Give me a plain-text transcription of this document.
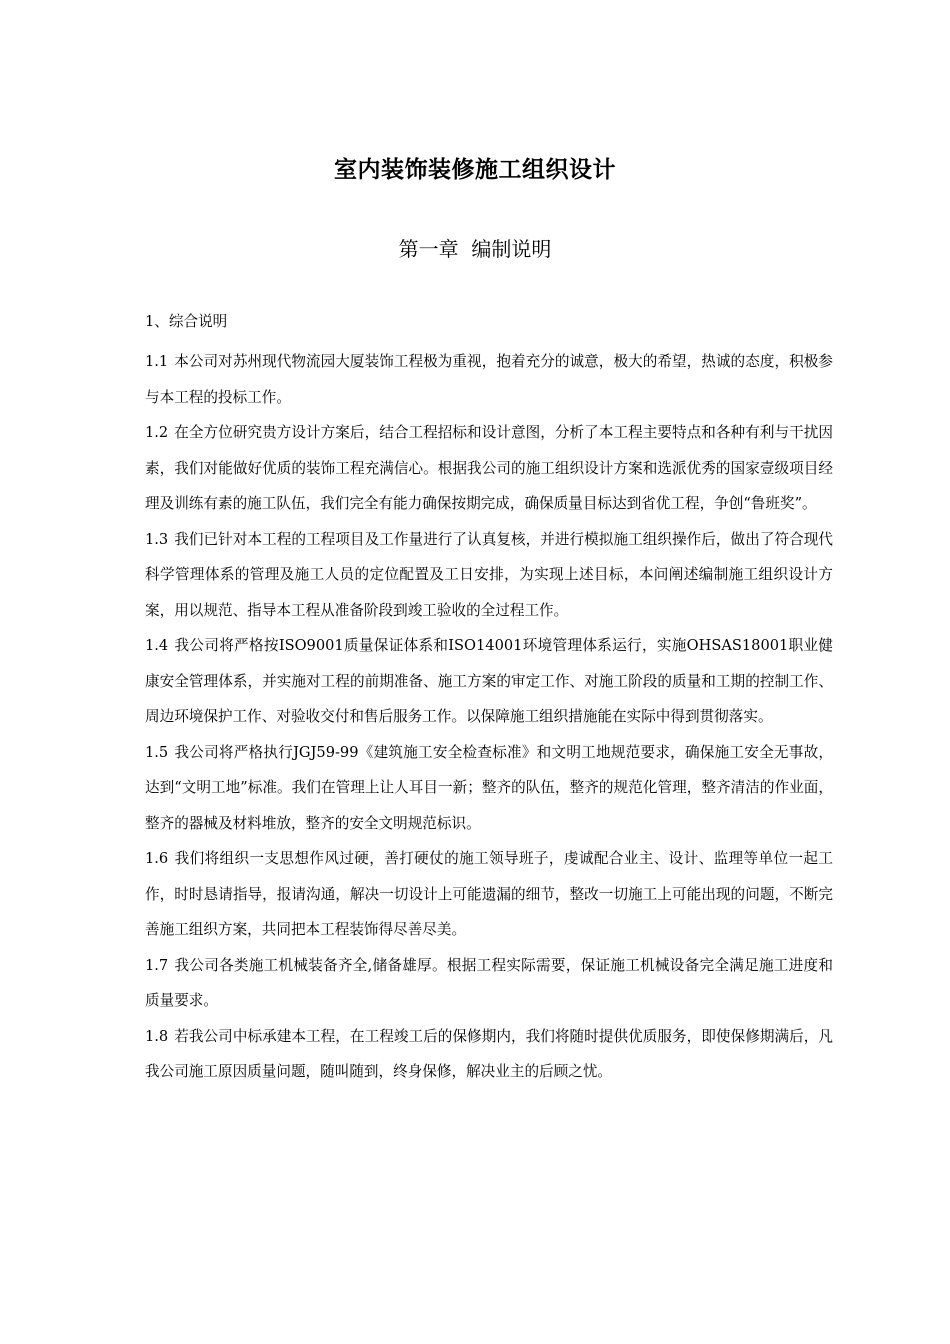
室内装饰装修施工组织设计
第一章 编制说明

1、综合说明

1.1 本公司对苏州现代物流园大厦装饰工程极为重视，抱着充分的诚意，极大的希望，热诚的态度，积极参与本工程的投标工作。

1.2 在全方位研究贵方设计方案后，结合工程招标和设计意图，分析了本工程主要特点和各种有利与干扰因素，我们对能做好优质的装饰工程充满信心。根据我公司的施工组织设计方案和选派优秀的国家壹级项目经理及训练有素的施工队伍，我们完全有能力确保按期完成，确保质量目标达到省优工程，争创“鲁班奖”。

1.3 我们已针对本工程的工程项目及工作量进行了认真复核，并进行模拟施工组织操作后，做出了符合现代科学管理体系的管理及施工人员的定位配置及工日安排，为实现上述目标，本问阐述编制施工组织设计方案，用以规范、指导本工程从准备阶段到竣工验收的全过程工作。

1.4 我公司将严格按ISO9001质量保证体系和ISO14001环境管理体系运行，实施OHSAS18001职业健康安全管理体系，并实施对工程的前期准备、施工方案的审定工作、对施工阶段的质量和工期的控制工作、周边环境保护工作、对验收交付和售后服务工作。以保障施工组织措施能在实际中得到贯彻落实。

1.5 我公司将严格执行JGJ59-99《建筑施工安全检查标准》和文明工地规范要求，确保施工安全无事故，达到“文明工地”标准。我们在管理上让人耳目一新；整齐的队伍，整齐的规范化管理，整齐清洁的作业面，整齐的器械及材料堆放，整齐的安全文明规范标识。

1.6 我们将组织一支思想作风过硬，善打硬仗的施工领导班子，虔诚配合业主、设计、监理等单位一起工作，时时恳请指导，报请沟通，解决一切设计上可能遗漏的细节，整改一切施工上可能出现的问题，不断完善施工组织方案，共同把本工程装饰得尽善尽美。

1.7 我公司各类施工机械装备齐全,储备雄厚。根据工程实际需要，保证施工机械设备完全满足施工进度和质量要求。

1.8 若我公司中标承建本工程，在工程竣工后的保修期内，我们将随时提供优质服务，即使保修期满后，凡我公司施工原因质量问题，随叫随到，终身保修，解决业主的后顾之忧。
